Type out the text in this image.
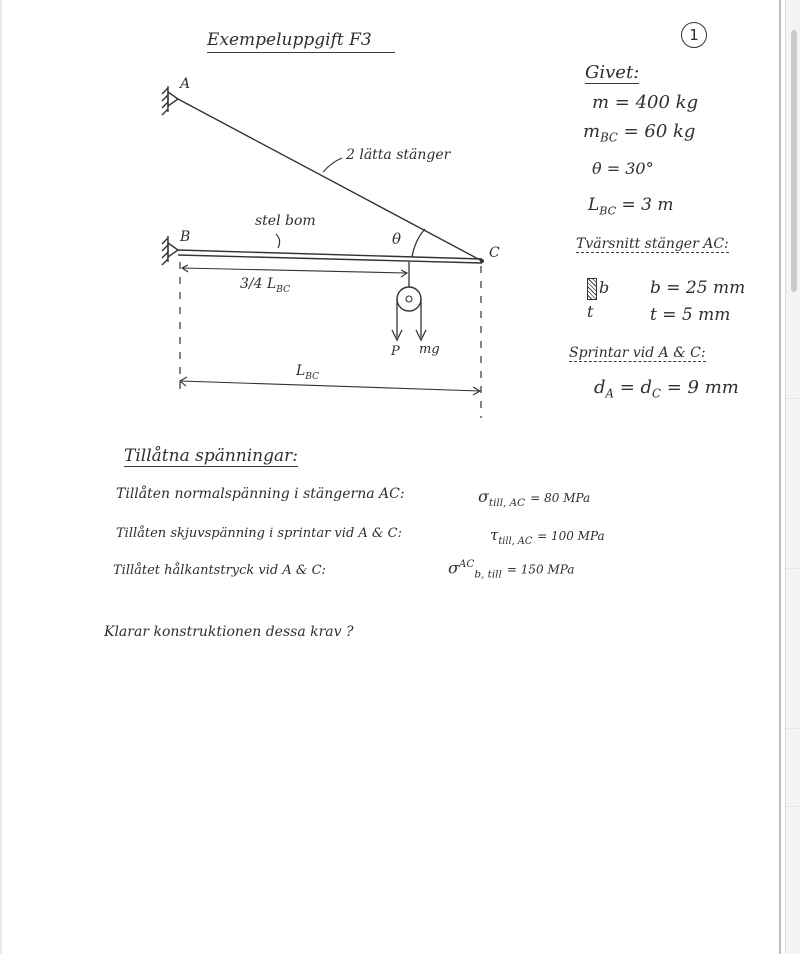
Exempeluppgift F3	1
A
B
C
2 lätta stänger
stel bom
θ
3/4 $L_{BC}$
P mg
$L_{BC}$
Givet:
m = 400 kg
$m_{BC} = 60$ kg
θ = 30°
$L_{BC} = 3$ m
Tvärsnitt stänger AC:
b
t
b = 25 mm
t = 5 mm
Sprintar vid A & C:
$d_A = d_C = 9$ mm
Tillåtna spänningar:
Tillåten normalspänning i stängerna AC:	$\sigma_{till, AC} = 80$ MPa
Tillåten skjuvspänning i sprintar vid A & C:	$\tau_{till, AC} = 100$ MPa
Tillåtet hålkantstryck vid A & C:	$\sigma^{AC}_{b, till} = 150$ MPa
Klarar konstruktionen dessa krav ?
